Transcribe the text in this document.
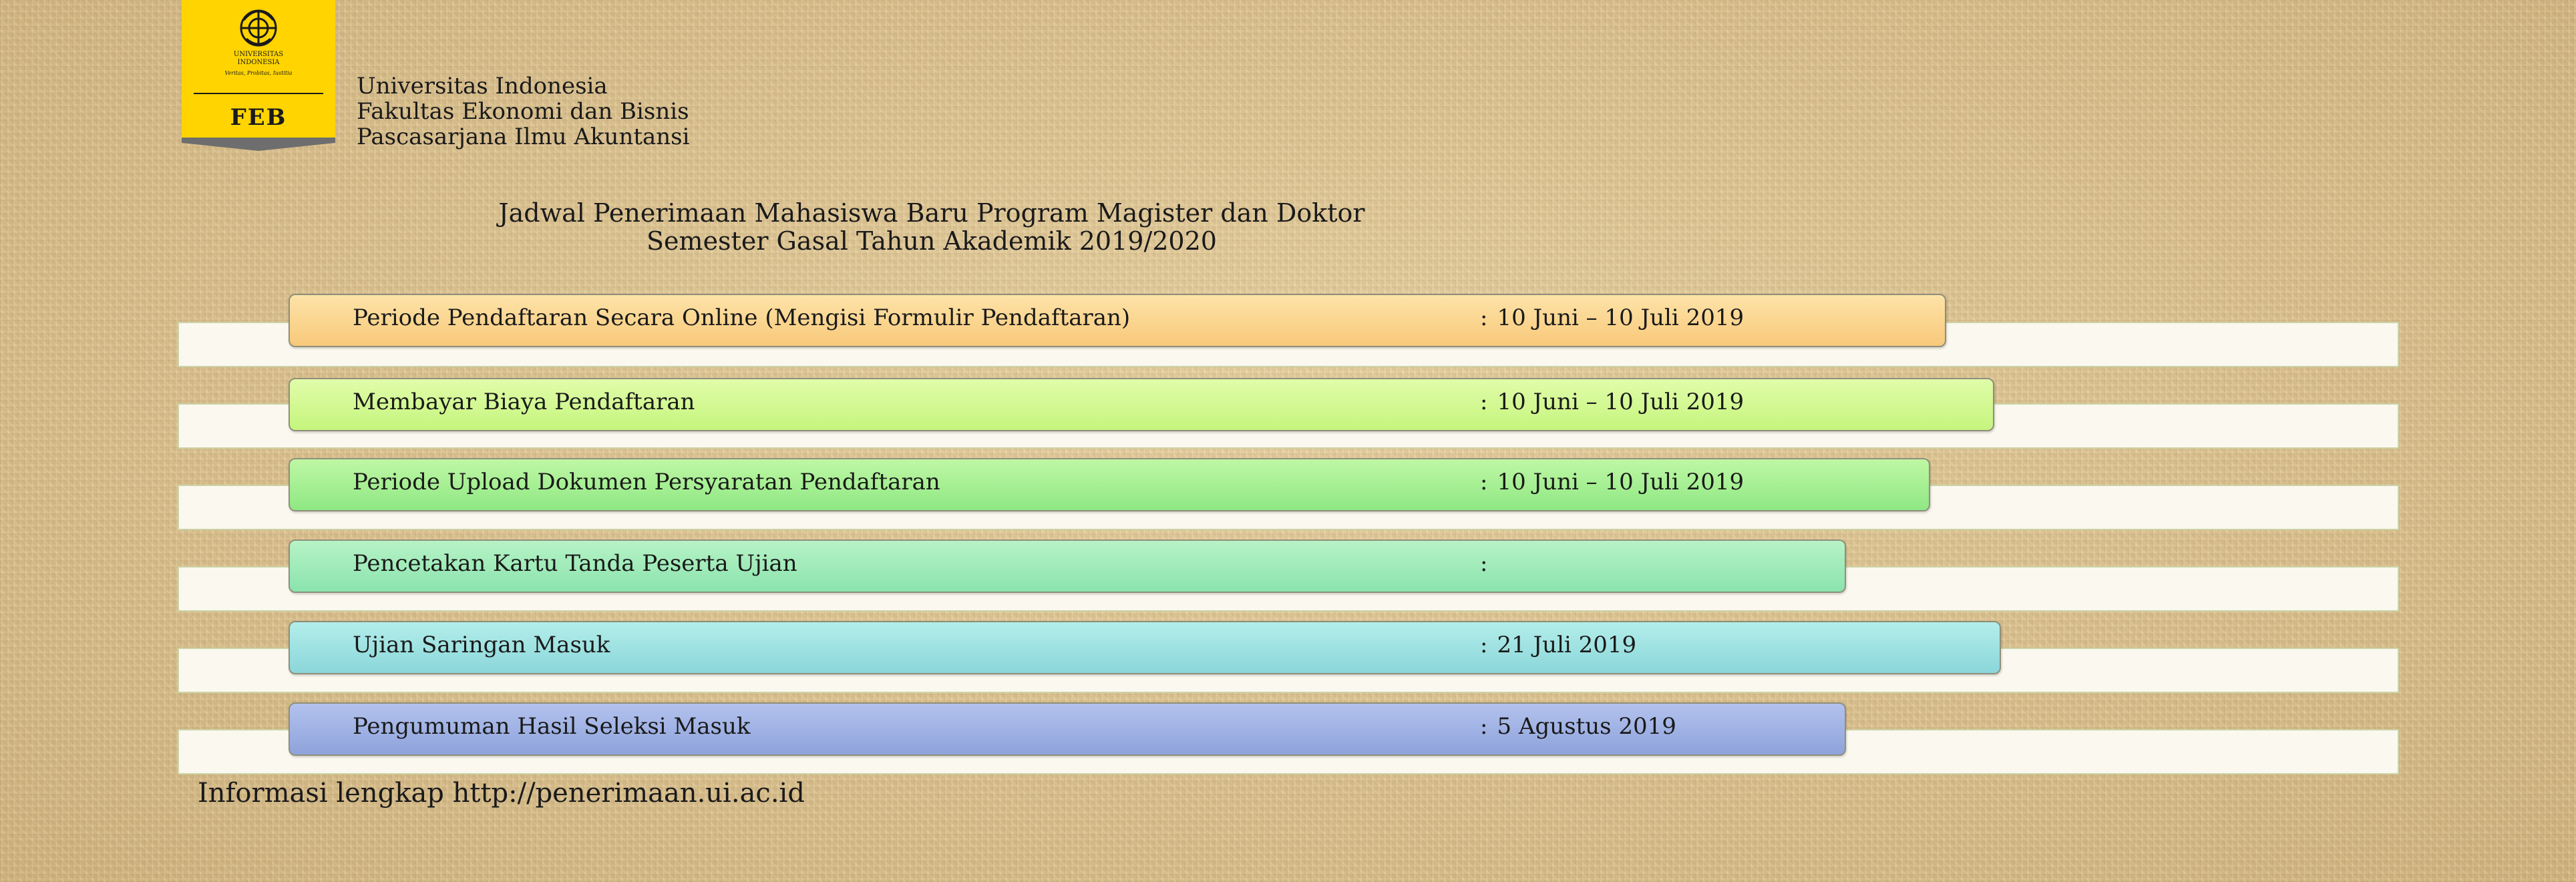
UNIVERSITAS
INDONESIA
Veritas, Probitas, Iustitia
FEB
Universitas Indonesia
Fakultas Ekonomi dan Bisnis
Pascasarjana Ilmu Akuntansi
Jadwal Penerimaan Mahasiswa Baru Program Magister dan Doktor
Semester Gasal Tahun Akademik 2019/2020
Periode Pendaftaran Secara Online (Mengisi Formulir Pendaftaran)	: 10 Juni – 10 Juli 2019
Membayar Biaya Pendaftaran	: 10 Juni – 10 Juli 2019
Periode Upload Dokumen Persyaratan Pendaftaran	: 10 Juni – 10 Juli 2019
Pencetakan Kartu Tanda Peserta Ujian	:
Ujian Saringan Masuk	: 21 Juli 2019
Pengumuman Hasil Seleksi Masuk	: 5 Agustus 2019
Informasi lengkap http://penerimaan.ui.ac.id
